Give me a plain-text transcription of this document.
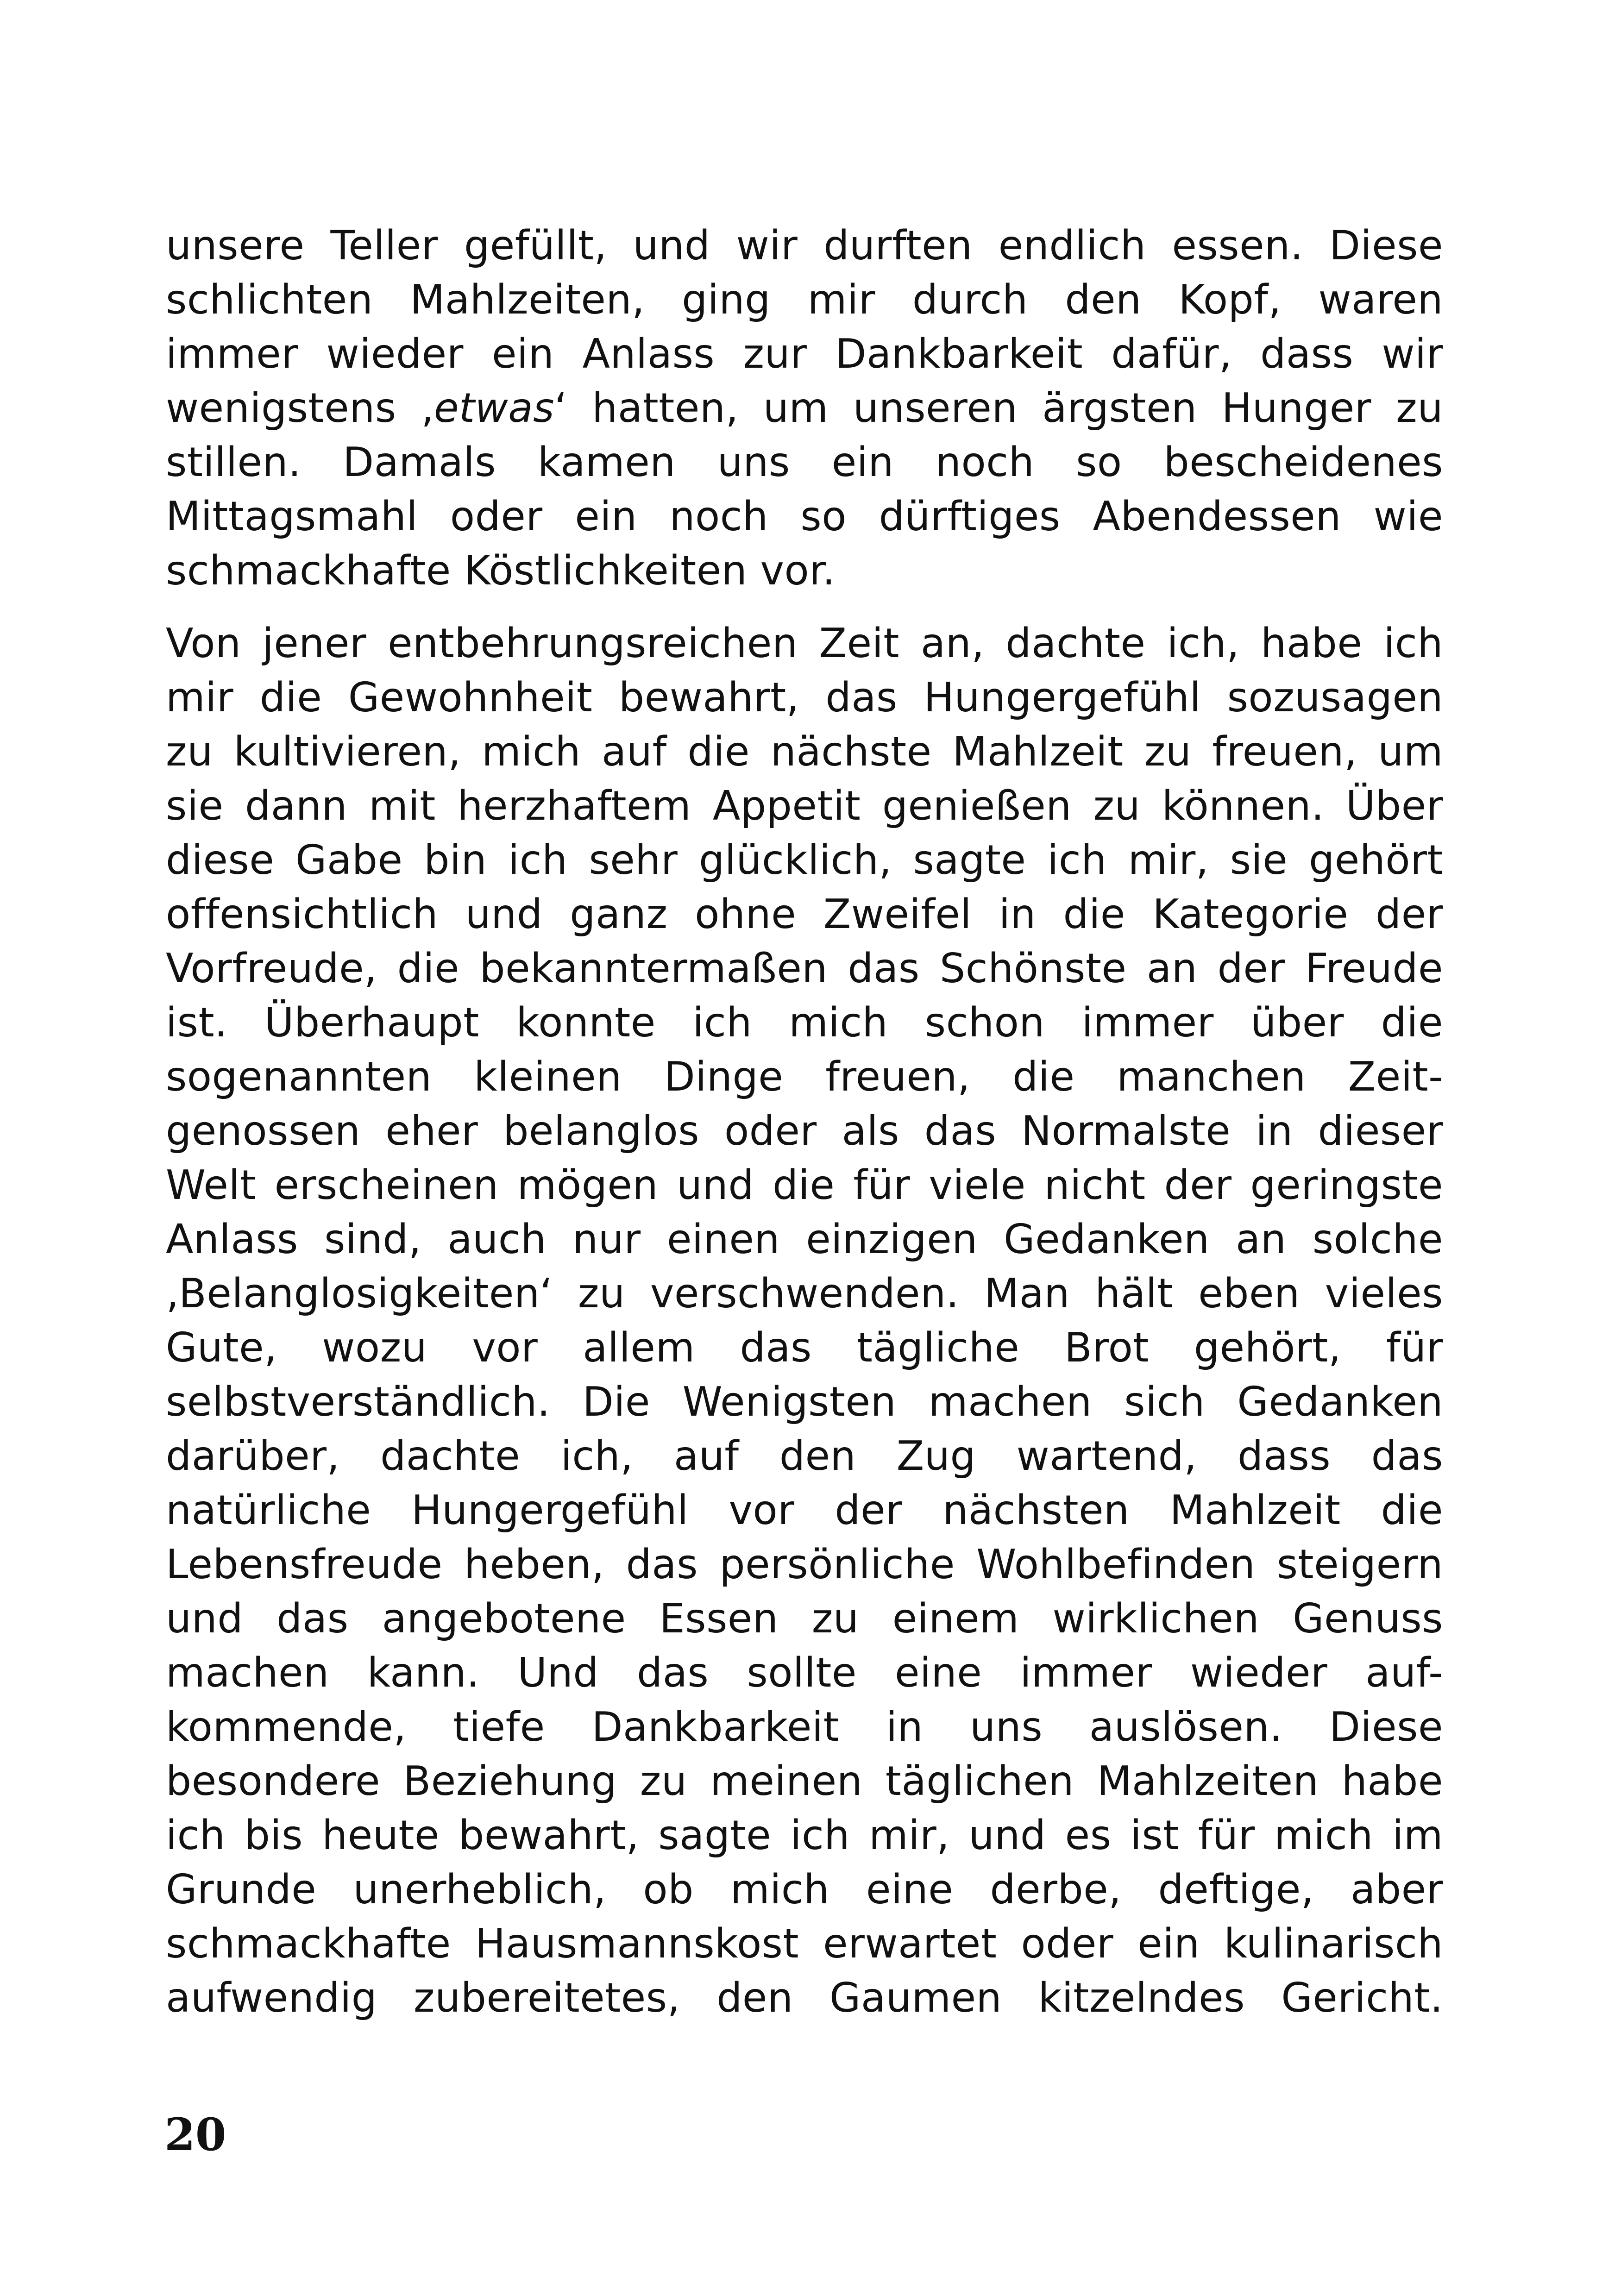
unsere Teller gefüllt, und wir durften endlich essen. Diese
schlichten Mahlzeiten, ging mir durch den Kopf, waren
immer wieder ein Anlass zur Dankbarkeit dafür, dass wir
wenigstens ‚etwas‘ hatten, um unseren ärgsten Hunger zu
stillen. Damals kamen uns ein noch so bescheidenes
Mittagsmahl oder ein noch so dürftiges Abendessen wie
schmackhafte Köstlichkeiten vor.
Von jener entbehrungsreichen Zeit an, dachte ich, habe ich
mir die Gewohnheit bewahrt, das Hungergefühl sozusagen
zu kultivieren, mich auf die nächste Mahlzeit zu freuen, um
sie dann mit herzhaftem Appetit genießen zu können. Über
diese Gabe bin ich sehr glücklich, sagte ich mir, sie gehört
offensichtlich und ganz ohne Zweifel in die Kategorie der
Vorfreude, die bekanntermaßen das Schönste an der Freude
ist. Überhaupt konnte ich mich schon immer über die
sogenannten kleinen Dinge freuen, die manchen Zeit-
genossen eher belanglos oder als das Normalste in dieser
Welt erscheinen mögen und die für viele nicht der geringste
Anlass sind, auch nur einen einzigen Gedanken an solche
‚Belanglosigkeiten‘ zu verschwenden. Man hält eben vieles
Gute, wozu vor allem das tägliche Brot gehört, für
selbstverständlich. Die Wenigsten machen sich Gedanken
darüber, dachte ich, auf den Zug wartend, dass das
natürliche Hungergefühl vor der nächsten Mahlzeit die
Lebensfreude heben, das persönliche Wohlbefinden steigern
und das angebotene Essen zu einem wirklichen Genuss
machen kann. Und das sollte eine immer wieder auf-
kommende, tiefe Dankbarkeit in uns auslösen. Diese
besondere Beziehung zu meinen täglichen Mahlzeiten habe
ich bis heute bewahrt, sagte ich mir, und es ist für mich im
Grunde unerheblich, ob mich eine derbe, deftige, aber
schmackhafte Hausmannskost erwartet oder ein kulinarisch
aufwendig zubereitetes, den Gaumen kitzelndes Gericht.
20
